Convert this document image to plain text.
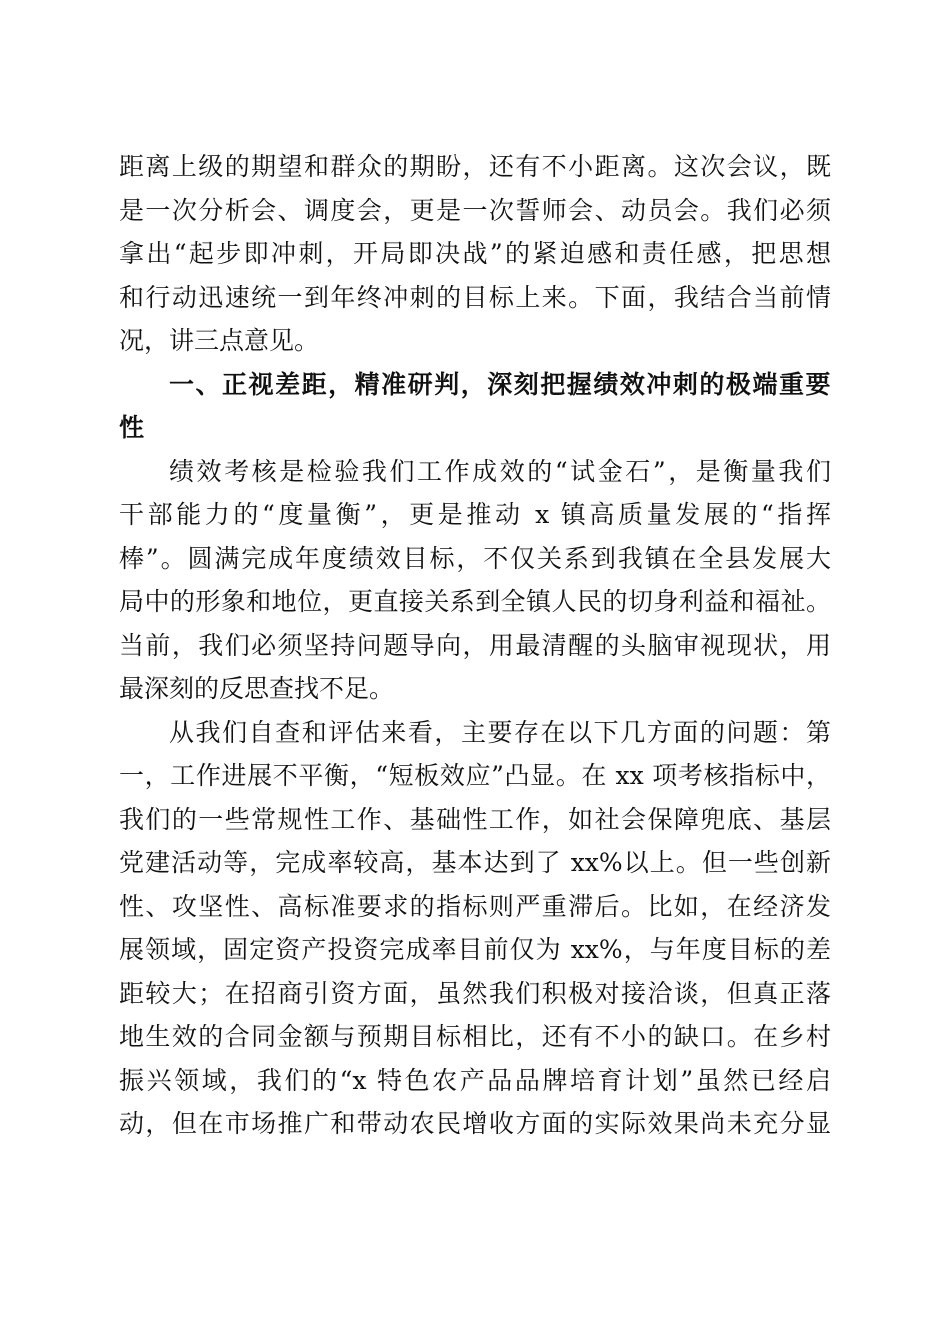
距离上级的期望和群众的期盼，还有不小距离。这次会议，既
是一次分析会、调度会，更是一次誓师会、动员会。我们必须
拿出“起步即冲刺，开局即决战”的紧迫感和责任感，把思想
和行动迅速统一到年终冲刺的目标上来。下面，我结合当前情
况，讲三点意见。
一、正视差距，精准研判，深刻把握绩效冲刺的极端重要
性
绩效考核是检验我们工作成效的“试金石”，是衡量我们
干部能力的“度量衡”，更是推动 x 镇高质量发展的“指挥
棒”。圆满完成年度绩效目标，不仅关系到我镇在全县发展大
局中的形象和地位，更直接关系到全镇人民的切身利益和福祉。
当前，我们必须坚持问题导向，用最清醒的头脑审视现状，用
最深刻的反思查找不足。
从我们自查和评估来看，主要存在以下几方面的问题：第
一，工作进展不平衡，“短板效应”凸显。在 xx 项考核指标中，
我们的一些常规性工作、基础性工作，如社会保障兜底、基层
党建活动等，完成率较高，基本达到了 xx%以上。但一些创新
性、攻坚性、高标准要求的指标则严重滞后。比如，在经济发
展领域，固定资产投资完成率目前仅为 xx%，与年度目标的差
距较大；在招商引资方面，虽然我们积极对接洽谈，但真正落
地生效的合同金额与预期目标相比，还有不小的缺口。在乡村
振兴领域，我们的“x 特色农产品品牌培育计划”虽然已经启
动，但在市场推广和带动农民增收方面的实际效果尚未充分显
